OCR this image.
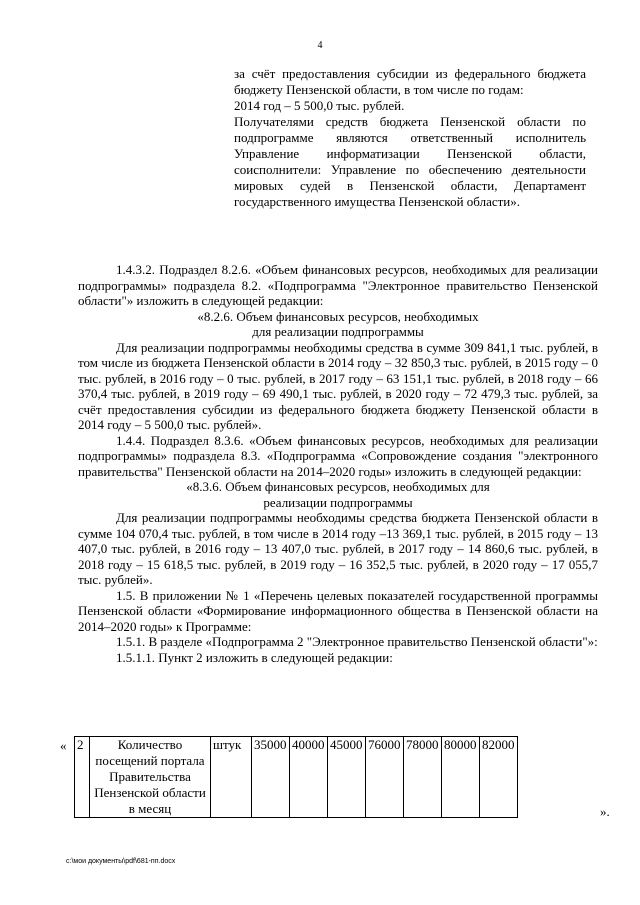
4

за счёт предоставления субсидии из федерального бюджета бюджету Пензенской области, в том числе по годам:

2014 год – 5 500,0 тыс. рублей.

Получателями средств бюджета Пензенской области по подпрограмме являются ответственный исполнитель Управление информатизации Пензенской области, соисполнители: Управление по обеспечению деятельности мировых судей в Пензенской области, Департамент государственного имущества Пензенской области».

1.4.3.2. Подраздел 8.2.6. «Объем финансовых ресурсов, необходимых для реализации подпрограммы» подраздела 8.2. «Подпрограмма "Электронное правительство Пензенской области"» изложить в следующей редакции:

«8.2.6. Объем финансовых ресурсов, необходимых

для реализации подпрограммы

Для реализации подпрограммы необходимы средства в сумме 309 841,1 тыс. рублей, в том числе из бюджета Пензенской области в 2014 году – 32 850,3 тыс. рублей, в 2015 году – 0 тыс. рублей, в 2016 году – 0 тыс. рублей, в 2017 году – 63 151,1 тыс. рублей, в 2018 году – 66 370,4 тыс. рублей, в 2019 году – 69 490,1 тыс. рублей, в 2020 году – 72 479,3 тыс. рублей, за счёт предоставления субсидии из федерального бюджета бюджету Пензенской области в 2014 году – 5 500,0 тыс. рублей».

1.4.4. Подраздел 8.3.6. «Объем финансовых ресурсов, необходимых для реализации подпрограммы» подраздела 8.3. «Подпрограмма «Сопровождение создания "электронного правительства" Пензенской области на 2014–2020 годы» изложить в следующей редакции:

«8.3.6. Объем финансовых ресурсов, необходимых для

реализации подпрограммы

Для реализации подпрограммы необходимы средства бюджета Пензенской области в сумме 104 070,4 тыс. рублей, в том числе в 2014 году –13 369,1 тыс. рублей, в 2015 году – 13 407,0 тыс. рублей, в 2016 году – 13 407,0 тыс. рублей, в 2017 году – 14 860,6 тыс. рублей, в 2018 году – 15 618,5 тыс. рублей, в 2019 году – 16 352,5 тыс. рублей, в 2020 году – 17 055,7 тыс. рублей».

1.5. В приложении № 1 «Перечень целевых показателей государственной программы Пензенской области «Формирование информационного общества в Пензенской области на 2014–2020 годы» к Программе:

1.5.1. В разделе «Подпрограмма 2 "Электронное правительство Пензенской области"»:

1.5.1.1. Пункт 2 изложить в следующей редакции:

« 2	Количество посещений портала Правительства Пензенской области в месяц	штук	35000	40000	45000	76000	78000	80000	82000
».
c:\мои документы\pdf\681-пп.docx
